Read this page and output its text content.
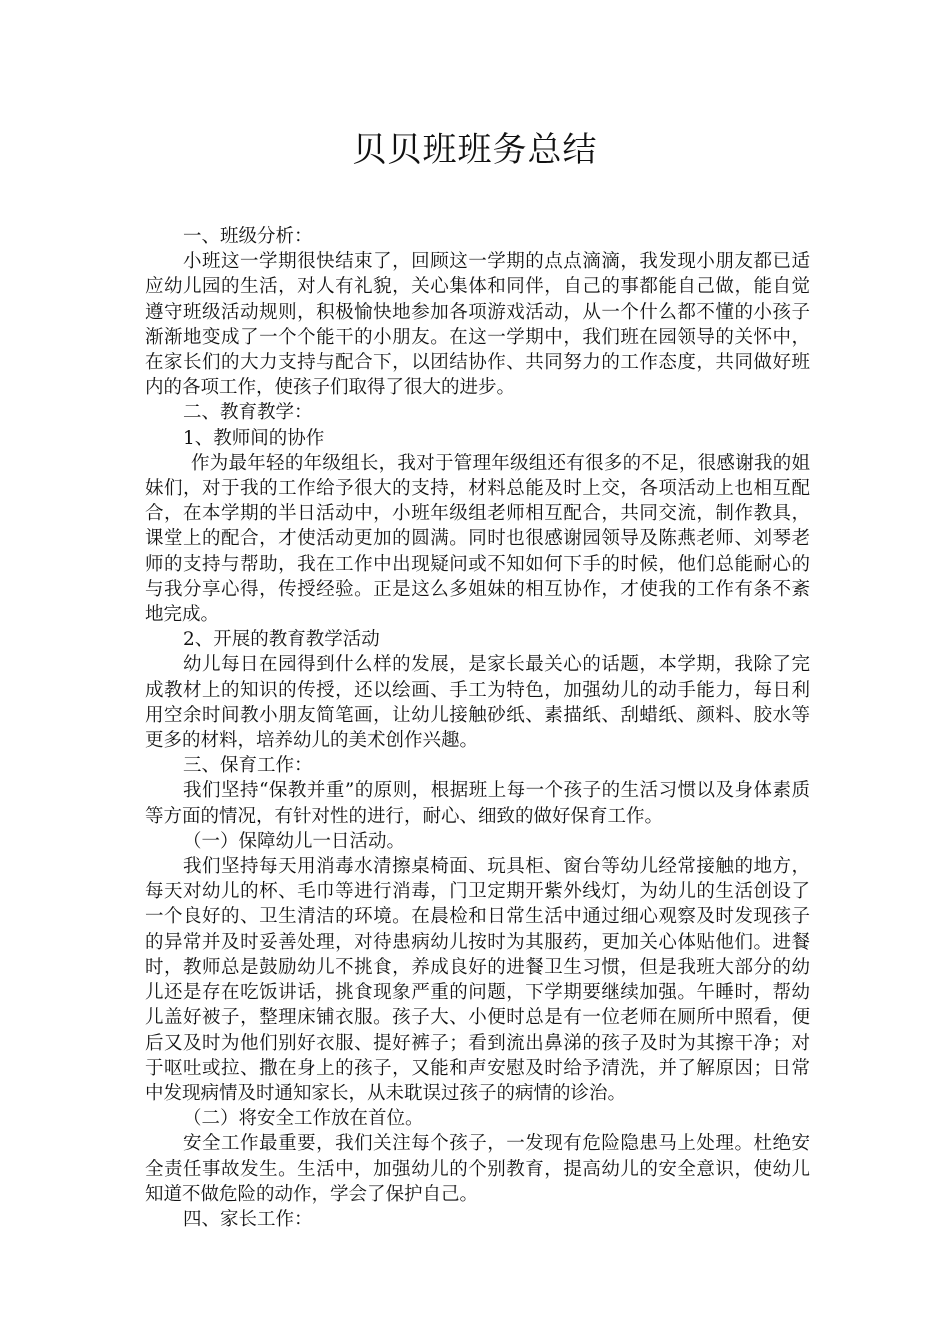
贝贝班班务总结

一、班级分析：

小班这一学期很快结束了，回顾这一学期的点点滴滴，我发现小朋友都已适应幼儿园的生活，对人有礼貌，关心集体和同伴，自己的事都能自己做，能自觉遵守班级活动规则，积极愉快地参加各项游戏活动，从一个什么都不懂的小孩子渐渐地变成了一个个能干的小朋友。在这一学期中，我们班在园领导的关怀中，在家长们的大力支持与配合下，以团结协作、共同努力的工作态度，共同做好班内的各项工作，使孩子们取得了很大的进步。

二、教育教学：

1、教师间的协作

作为最年轻的年级组长，我对于管理年级组还有很多的不足，很感谢我的姐妹们，对于我的工作给予很大的支持，材料总能及时上交，各项活动上也相互配合，在本学期的半日活动中，小班年级组老师相互配合，共同交流，制作教具，课堂上的配合，才使活动更加的圆满。同时也很感谢园领导及陈燕老师、刘琴老师的支持与帮助，我在工作中出现疑问或不知如何下手的时候，他们总能耐心的与我分享心得，传授经验。正是这么多姐妹的相互协作，才使我的工作有条不紊地完成。

2、开展的教育教学活动

幼儿每日在园得到什么样的发展，是家长最关心的话题，本学期，我除了完成教材上的知识的传授，还以绘画、手工为特色，加强幼儿的动手能力，每日利用空余时间教小朋友简笔画，让幼儿接触砂纸、素描纸、刮蜡纸、颜料、胶水等更多的材料，培养幼儿的美术创作兴趣。

三、保育工作：

我们坚持“保教并重”的原则，根据班上每一个孩子的生活习惯以及身体素质等方面的情况，有针对性的进行，耐心、细致的做好保育工作。

（一）保障幼儿一日活动。

我们坚持每天用消毒水清擦桌椅面、玩具柜、窗台等幼儿经常接触的地方，每天对幼儿的杯、毛巾等进行消毒，门卫定期开紫外线灯，为幼儿的生活创设了一个良好的、卫生清洁的环境。在晨检和日常生活中通过细心观察及时发现孩子的异常并及时妥善处理，对待患病幼儿按时为其服药，更加关心体贴他们。进餐时，教师总是鼓励幼儿不挑食，养成良好的进餐卫生习惯，但是我班大部分的幼儿还是存在吃饭讲话，挑食现象严重的问题，下学期要继续加强。午睡时，帮幼儿盖好被子，整理床铺衣服。孩子大、小便时总是有一位老师在厕所中照看，便后又及时为他们别好衣服、提好裤子；看到流出鼻涕的孩子及时为其擦干净；对于呕吐或拉、撒在身上的孩子，又能和声安慰及时给予清洗，并了解原因；日常中发现病情及时通知家长，从未耽误过孩子的病情的诊治。

（二）将安全工作放在首位。

安全工作最重要，我们关注每个孩子，一发现有危险隐患马上处理。杜绝安全责任事故发生。生活中，加强幼儿的个别教育，提高幼儿的安全意识，使幼儿知道不做危险的动作，学会了保护自己。

四、家长工作：
